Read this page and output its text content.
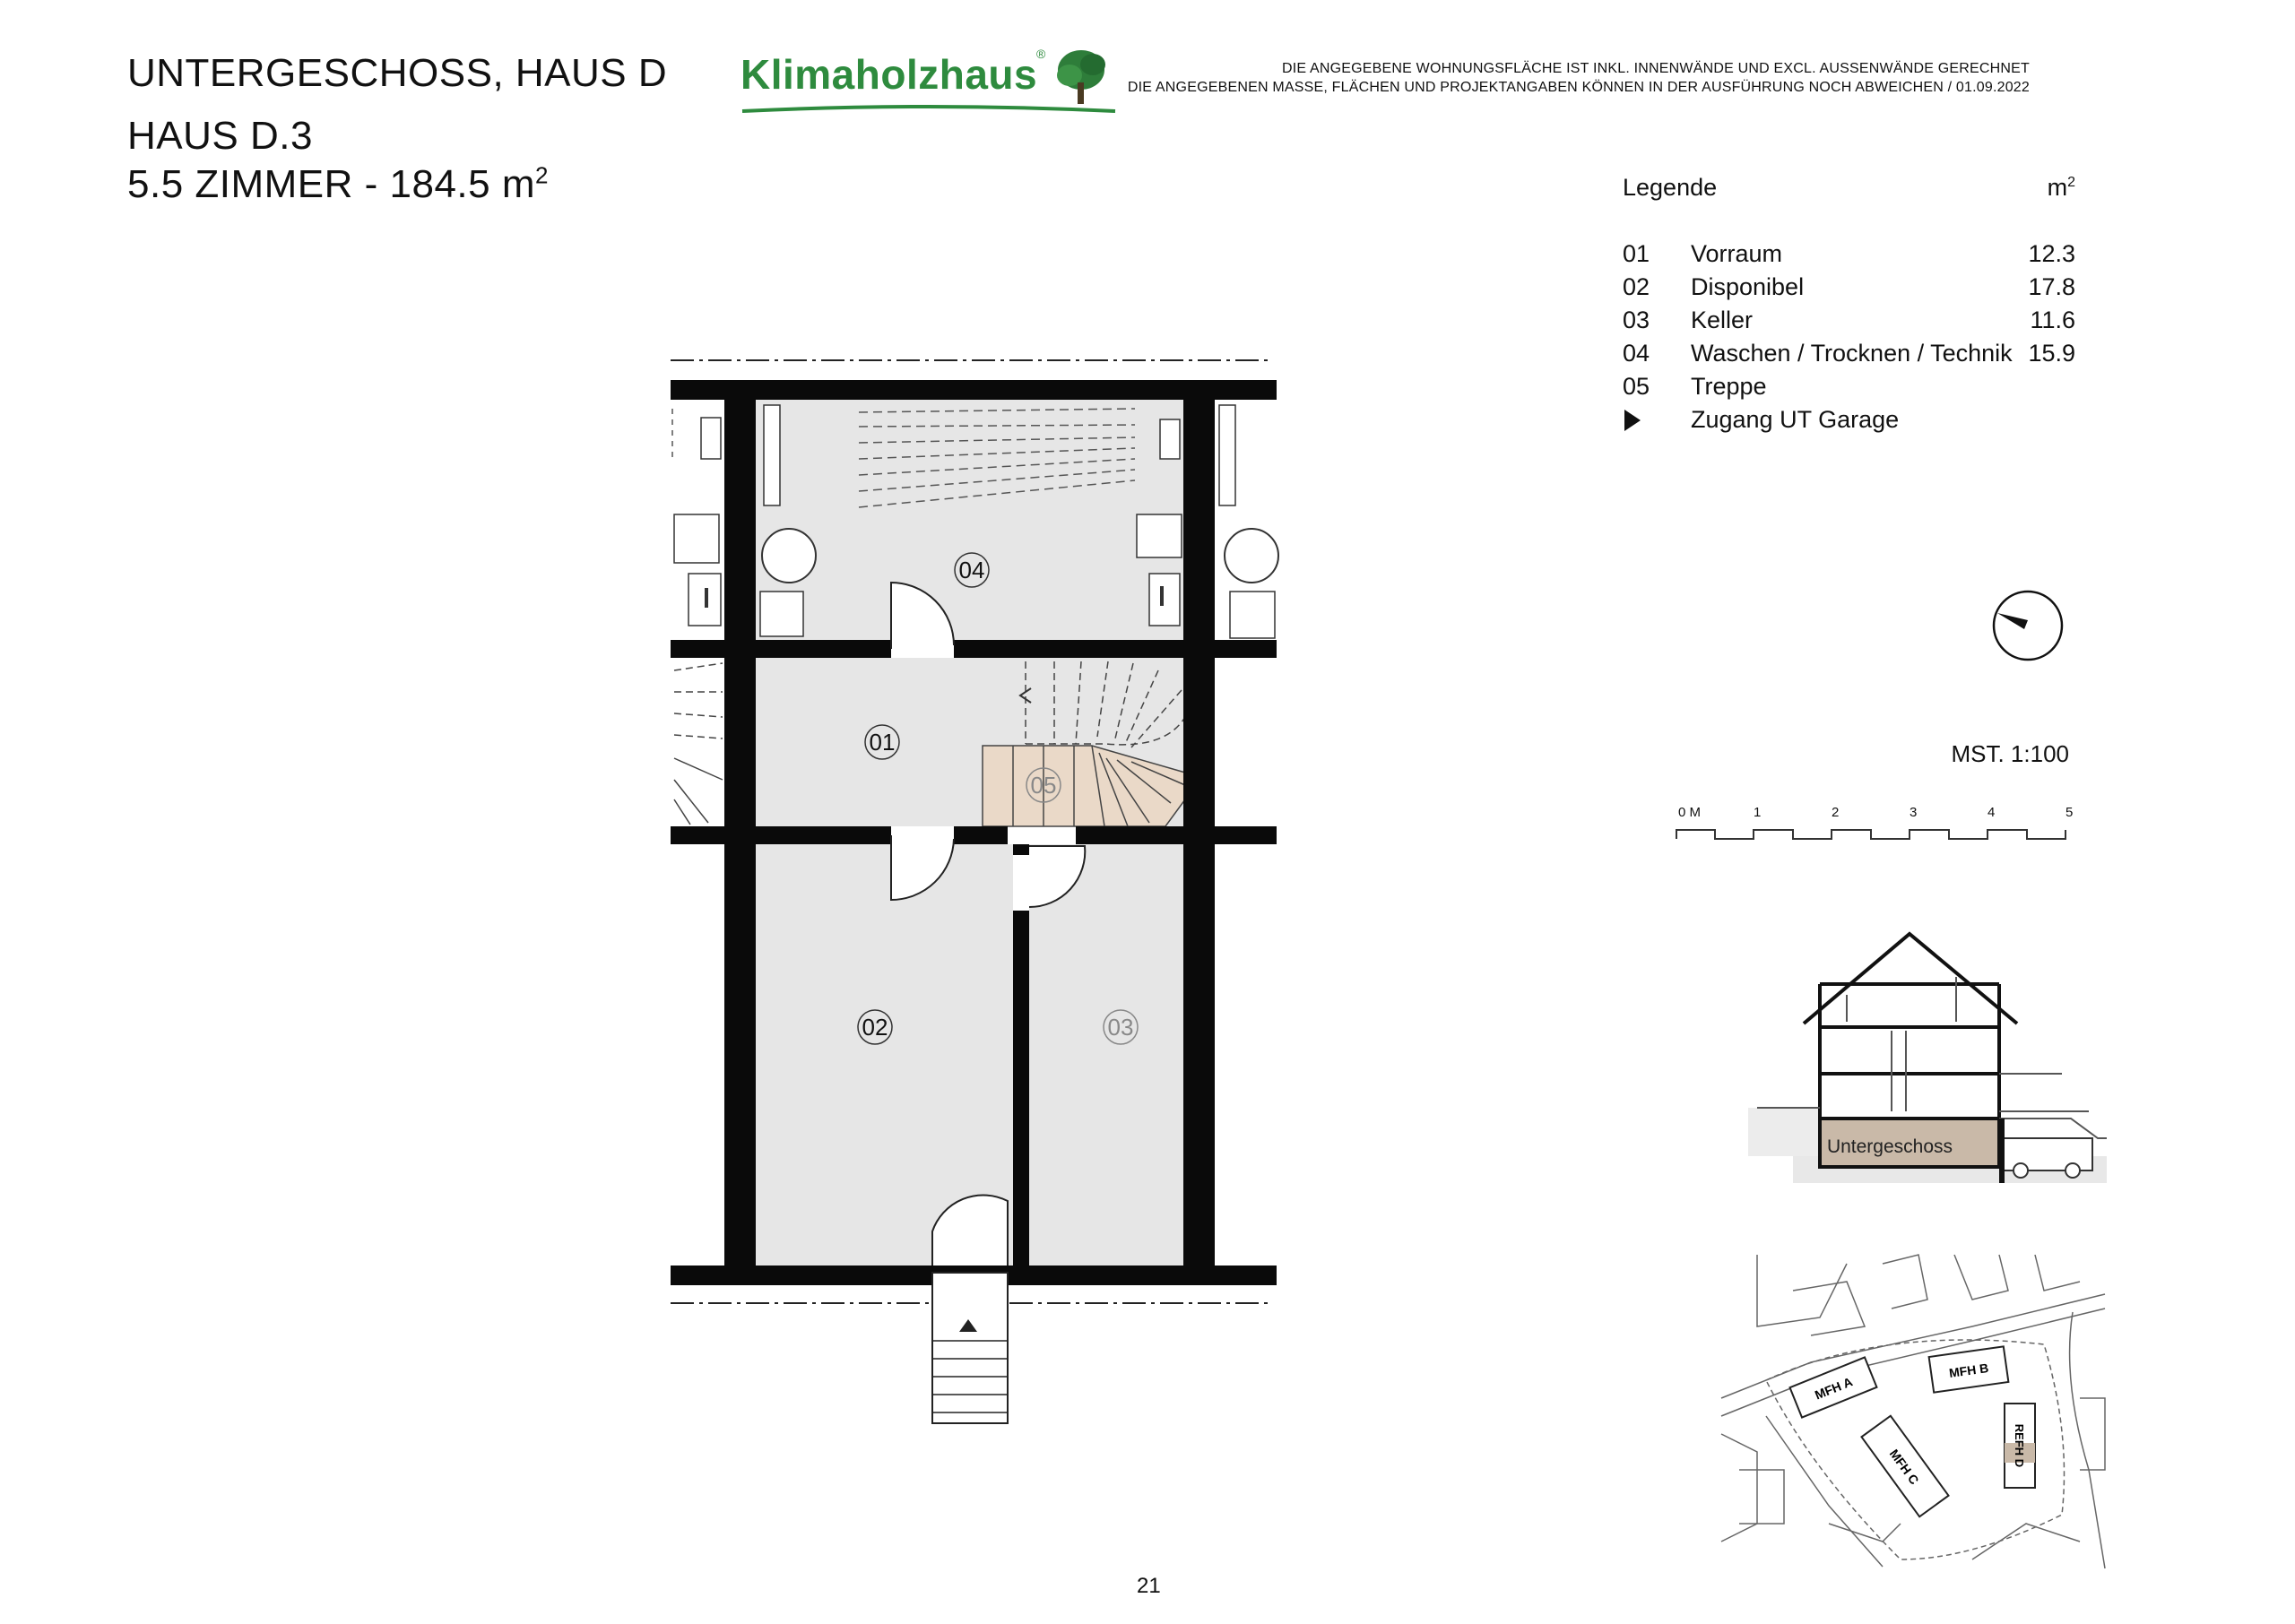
UNTERGESCHOSS, HAUS D
HAUS D.3
5.5 ZIMMER - 184.5 $m^2$
Klimaholzhaus
®
DIE ANGEGEBENE WOHNUNGSFLÄCHE IST INKL. INNENWÄNDE UND EXCL. AUSSENWÄNDE GERECHNET
DIE ANGEGEBENEN MASSE, FLÄCHEN UND PROJEKTANGABEN KÖNNEN IN DER AUSFÜHRUNG NOCH ABWEICHEN / 01.09.2022
Legende	$m^2$
01 Vorraum	12.3
02 Disponibel	17.8
03 Keller	11.6
04 Waschen / Trocknen / Technik 15.9
05 Treppe
Zugang UT Garage
MST. 1:100
0 M	1	2	3	4	5
04
01
05
02	03
Untergeschoss
MFH A
MFH B
MFH C	REFH D
21
